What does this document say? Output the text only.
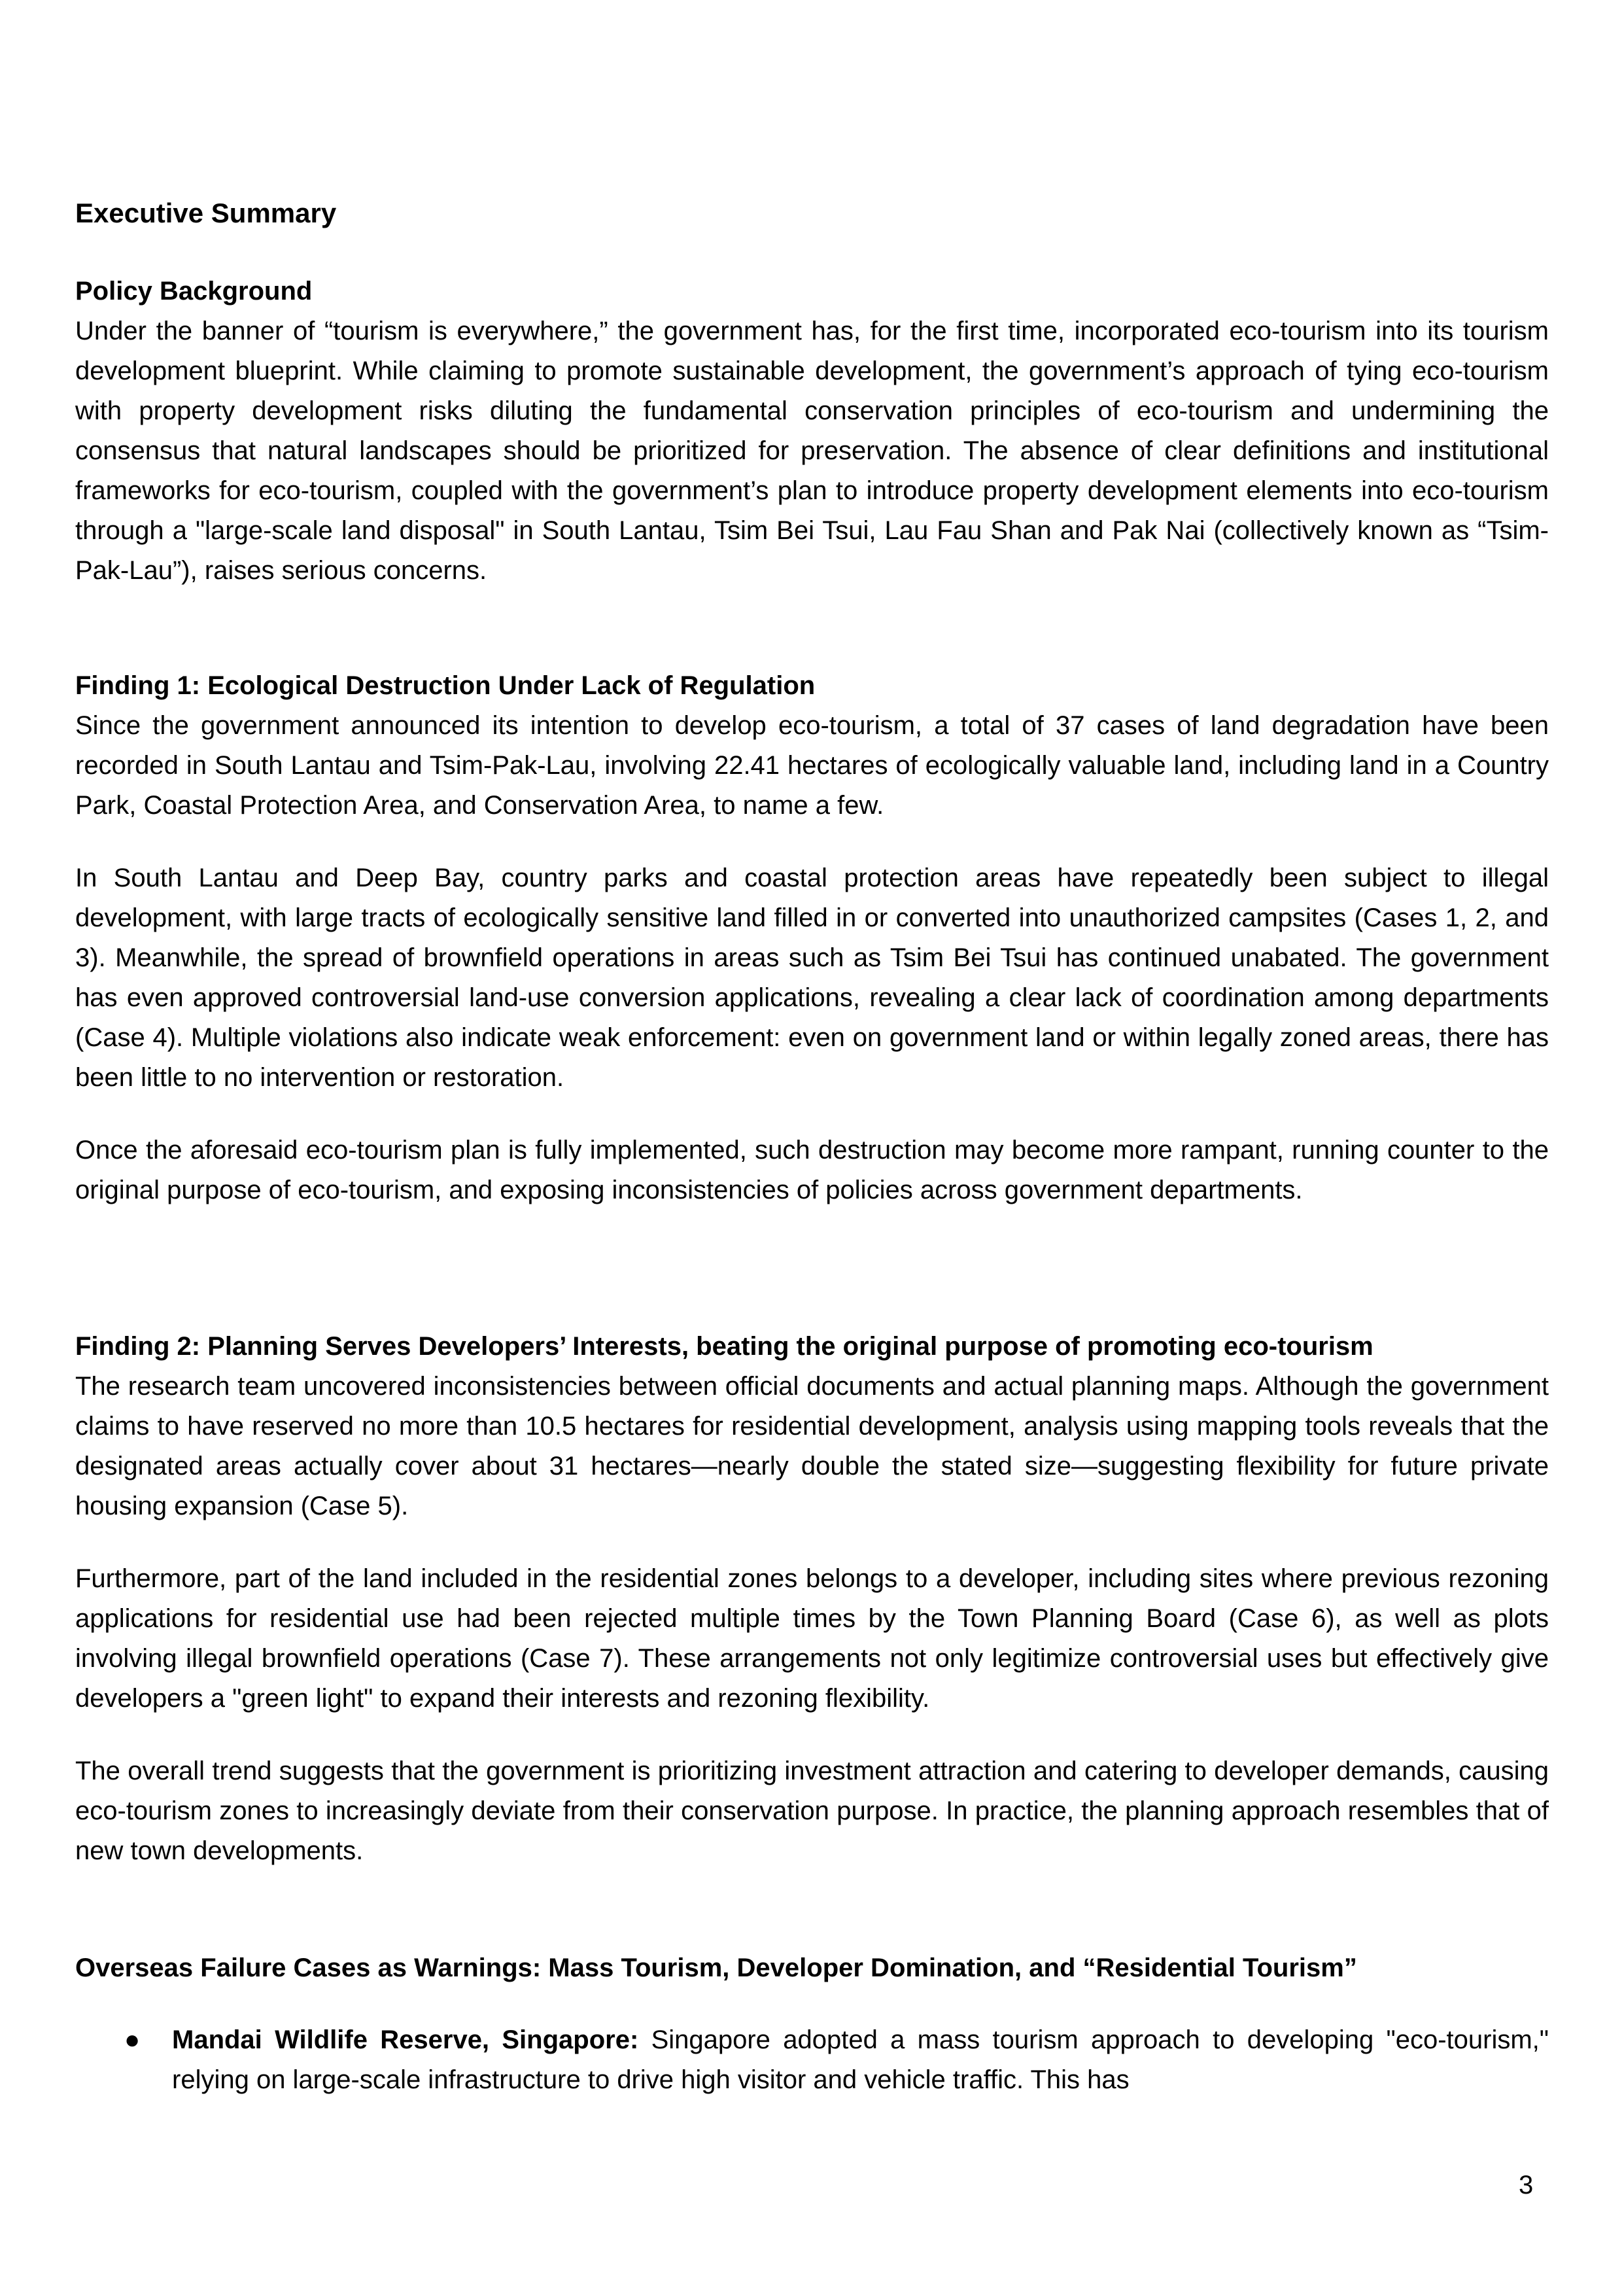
Executive Summary
Policy Background

Under the banner of “tourism is everywhere,” the government has, for the first time, incorporated eco-tourism into its tourism development blueprint. While claiming to promote sustainable development, the government’s approach of tying eco-tourism with property development risks diluting the fundamental conservation principles of eco-tourism and undermining the consensus that natural landscapes should be prioritized for preservation. The absence of clear definitions and institutional frameworks for eco-tourism, coupled with the government’s plan to introduce property development elements into eco-tourism through a "large-scale land disposal" in South Lantau, Tsim Bei Tsui, Lau Fau Shan and Pak Nai (collectively known as “Tsim-Pak-Lau”), raises serious concerns.

Finding 1: Ecological Destruction Under Lack of Regulation

Since the government announced its intention to develop eco-tourism, a total of 37 cases of land degradation have been recorded in South Lantau and Tsim-Pak-Lau, involving 22.41 hectares of ecologically valuable land, including land in a Country Park, Coastal Protection Area, and Conservation Area, to name a few.

In South Lantau and Deep Bay, country parks and coastal protection areas have repeatedly been subject to illegal development, with large tracts of ecologically sensitive land filled in or converted into unauthorized campsites (Cases 1, 2, and 3). Meanwhile, the spread of brownfield operations in areas such as Tsim Bei Tsui has continued unabated. The government has even approved controversial land-use conversion applications, revealing a clear lack of coordination among departments (Case 4). Multiple violations also indicate weak enforcement: even on government land or within legally zoned areas, there has been little to no intervention or restoration.

Once the aforesaid eco-tourism plan is fully implemented, such destruction may become more rampant, running counter to the original purpose of eco-tourism, and exposing inconsistencies of policies across government departments.

Finding 2: Planning Serves Developers’ Interests, beating the original purpose of promoting eco-tourism

The research team uncovered inconsistencies between official documents and actual planning maps. Although the government claims to have reserved no more than 10.5 hectares for residential development, analysis using mapping tools reveals that the designated areas actually cover about 31 hectares—nearly double the stated size—suggesting flexibility for future private housing expansion (Case 5).

Furthermore, part of the land included in the residential zones belongs to a developer, including sites where previous rezoning applications for residential use had been rejected multiple times by the Town Planning Board (Case 6), as well as plots involving illegal brownfield operations (Case 7). These arrangements not only legitimize controversial uses but effectively give developers a "green light" to expand their interests and rezoning flexibility.

The overall trend suggests that the government is prioritizing investment attraction and catering to developer demands, causing eco-tourism zones to increasingly deviate from their conservation purpose. In practice, the planning approach resembles that of new town developments.

Overseas Failure Cases as Warnings: Mass Tourism, Developer Domination, and “Residential Tourism”
● Mandai Wildlife Reserve, Singapore: Singapore adopted a mass tourism approach to developing "eco-tourism," relying on large-scale infrastructure to drive high visitor and vehicle traffic. This has
3
